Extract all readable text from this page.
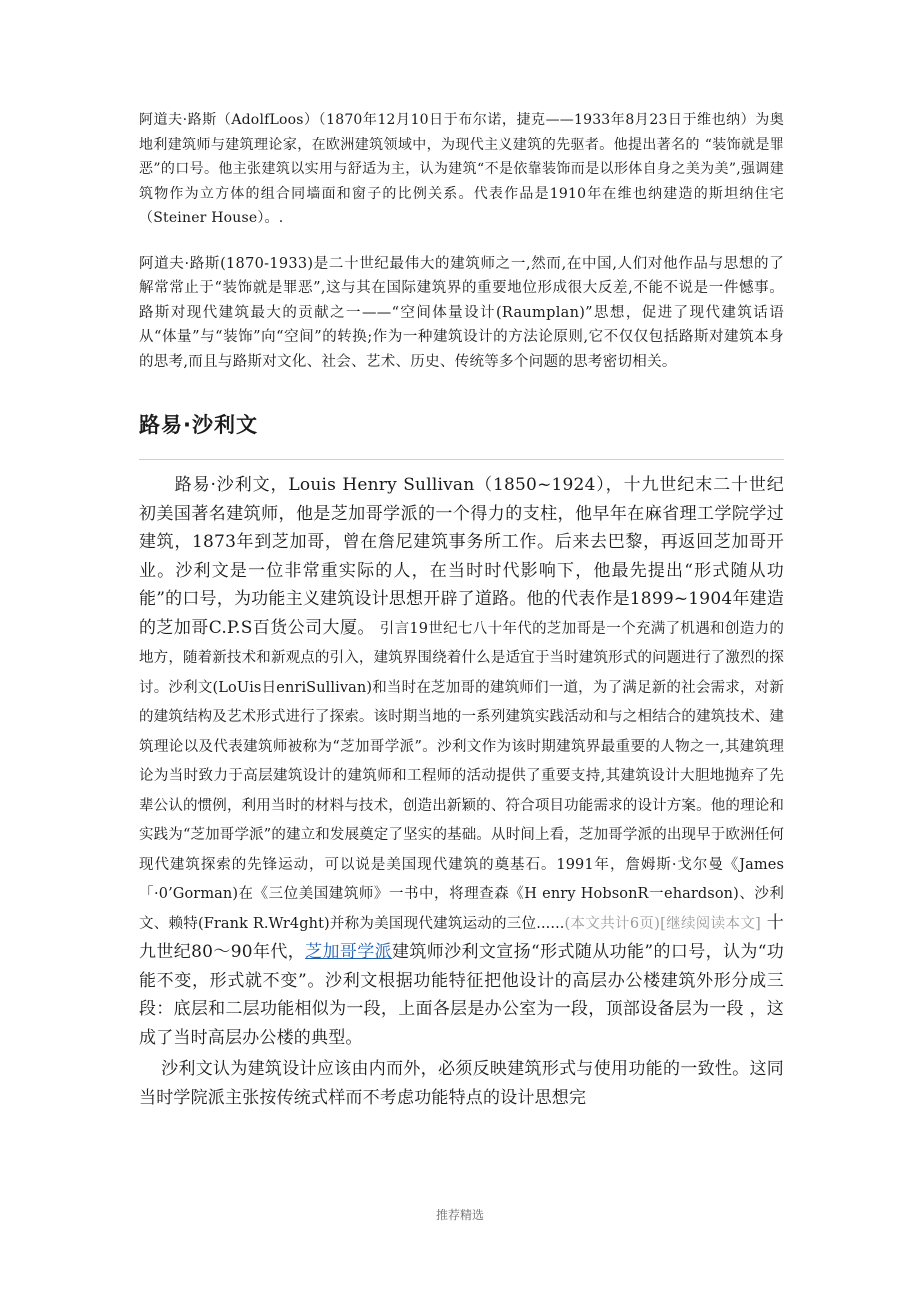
阿道夫·路斯（AdolfLoos）（1870年12月10日于布尔诺，捷克——1933年8月23日于维也纳）为奥地利建筑师与建筑理论家，在欧洲建筑领域中，为现代主义建筑的先驱者。他提出著名的 “装饰就是罪恶”的口号。他主张建筑以实用与舒适为主，认为建筑“不是依靠装饰而是以形体自身之美为美”,强调建筑物作为立方体的组合同墙面和窗子的比例关系。代表作品是1910年在维也纳建造的斯坦纳住宅（Steiner House）。.

阿道夫·路斯(1870-1933)是二十世纪最伟大的建筑师之一,然而,在中国,人们对他作品与思想的了解常常止于“装饰就是罪恶”,这与其在国际建筑界的重要地位形成很大反差,不能不说是一件憾事。路斯对现代建筑最大的贡献之一——“空间体量设计(Raumplan)”思想，促进了现代建筑话语从“体量”与“装饰”向“空间”的转换;作为一种建筑设计的方法论原则,它不仅仅包括路斯对建筑本身的思考,而且与路斯对文化、社会、艺术、历史、传统等多个问题的思考密切相关。

路易·沙利文

路易·沙利文，Louis Henry Sullivan（1850~1924），十九世纪末二十世纪初美国著名建筑师，他是芝加哥学派的一个得力的支柱，他早年在麻省理工学院学过建筑，1873年到芝加哥，曾在詹尼建筑事务所工作。后来去巴黎，再返回芝加哥开业。沙利文是一位非常重实际的人，在当时时代影响下，他最先提出“形式随从功能”的口号，为功能主义建筑设计思想开辟了道路。他的代表作是1899~1904年建造的芝加哥C.P.S百货公司大厦。 引言19世纪七八十年代的芝加哥是一个充满了机遇和创造力的地方，随着新技术和新观点的引入，建筑界围绕着什么是适宜于当时建筑形式的问题进行了激烈的探讨。沙利文(LoUis日enriSullivan)和当时在芝加哥的建筑师们一道，为了满足新的社会需求，对新的建筑结构及艺术形式进行了探索。该时期当地的一系列建筑实践活动和与之相结合的建筑技术、建筑理论以及代表建筑师被称为“芝加哥学派”。沙利文作为该时期建筑界最重要的人物之一,其建筑理论为当时致力于高层建筑设计的建筑师和工程师的活动提供了重要支持,其建筑设计大胆地抛弃了先辈公认的惯例，利用当时的材料与技术，创造出新颖的、符合项目功能需求的设计方案。他的理论和实践为“芝加哥学派”的建立和发展奠定了坚实的基础。从时间上看，芝加哥学派的出现早于欧洲任何现代建筑探索的先锋运动，可以说是美国现代建筑的奠基石。1991年，詹姆斯·戈尔曼《James「·0’Gorman)在《三位美国建筑师》一书中，将理查森《H enry HobsonR一ehardson)、沙利文、赖特(Frank R.Wr4ght)并称为美国现代建筑运动的三位......(本文共计6页)[继续阅读本文] 十九世纪80～90年代，芝加哥学派建筑师沙利文宣扬“形式随从功能”的口号，认为“功能不变，形式就不变”。沙利文根据功能特征把他设计的高层办公楼建筑外形分成三段：底层和二层功能相似为一段，上面各层是办公室为一段，顶部设备层为一段 ，这成了当时高层办公楼的典型。

沙利文认为建筑设计应该由内而外，必须反映建筑形式与使用功能的一致性。这同当时学院派主张按传统式样而不考虑功能特点的设计思想完

推荐精选
